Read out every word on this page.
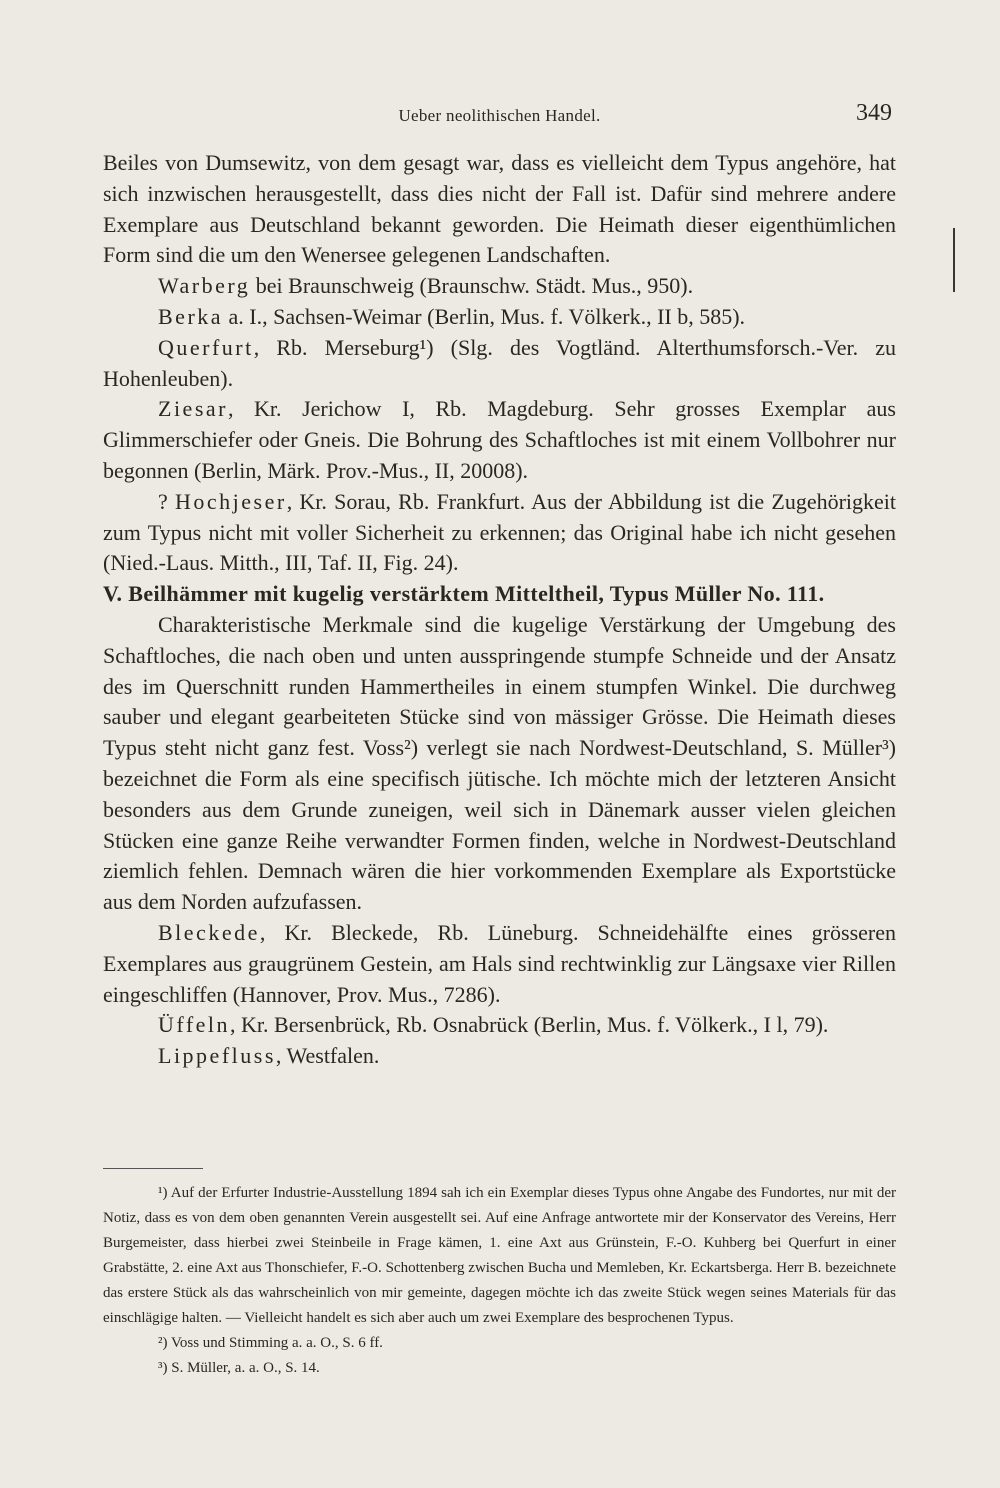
Ueber neolithischen Handel.	349

Beiles von Dumsewitz, von dem gesagt war, dass es vielleicht dem Typus angehöre, hat sich inzwischen herausgestellt, dass dies nicht der Fall ist. Dafür sind mehrere andere Exemplare aus Deutschland bekannt geworden. Die Heimath dieser eigenthümlichen Form sind die um den Wenersee gelegenen Landschaften.

Warberg bei Braunschweig (Braunschw. Städt. Mus., 950).

Berka a. I., Sachsen-Weimar (Berlin, Mus. f. Völkerk., II b, 585).

Querfurt, Rb. Merseburg¹) (Slg. des Vogtländ. Alterthumsforsch.-Ver. zu Hohenleuben).

Ziesar, Kr. Jerichow I, Rb. Magdeburg. Sehr grosses Exemplar aus Glimmerschiefer oder Gneis. Die Bohrung des Schaftloches ist mit einem Vollbohrer nur begonnen (Berlin, Märk. Prov.-Mus., II, 20008).

? Hochjeser, Kr. Sorau, Rb. Frankfurt. Aus der Abbildung ist die Zugehörigkeit zum Typus nicht mit voller Sicherheit zu erkennen; das Original habe ich nicht gesehen (Nied.-Laus. Mitth., III, Taf. II, Fig. 24).

V. Beilhämmer mit kugelig verstärktem Mitteltheil, Typus Müller No. 111.

Charakteristische Merkmale sind die kugelige Verstärkung der Umgebung des Schaftloches, die nach oben und unten ausspringende stumpfe Schneide und der Ansatz des im Querschnitt runden Hammertheiles in einem stumpfen Winkel. Die durchweg sauber und elegant gearbeiteten Stücke sind von mässiger Grösse. Die Heimath dieses Typus steht nicht ganz fest. Voss²) verlegt sie nach Nordwest-Deutschland, S. Müller³) bezeichnet die Form als eine specifisch jütische. Ich möchte mich der letzteren Ansicht besonders aus dem Grunde zuneigen, weil sich in Dänemark ausser vielen gleichen Stücken eine ganze Reihe verwandter Formen finden, welche in Nordwest-Deutschland ziemlich fehlen. Demnach wären die hier vorkommenden Exemplare als Exportstücke aus dem Norden aufzufassen.

Bleckede, Kr. Bleckede, Rb. Lüneburg. Schneidehälfte eines grösseren Exemplares aus graugrünem Gestein, am Hals sind rechtwinklig zur Längsaxe vier Rillen eingeschliffen (Hannover, Prov. Mus., 7286).

Üffeln, Kr. Bersenbrück, Rb. Osnabrück (Berlin, Mus. f. Völkerk., I l, 79).

Lippefluss, Westfalen.

¹) Auf der Erfurter Industrie-Ausstellung 1894 sah ich ein Exemplar dieses Typus ohne Angabe des Fundortes, nur mit der Notiz, dass es von dem oben genannten Verein ausgestellt sei. Auf eine Anfrage antwortete mir der Konservator des Vereins, Herr Burgemeister, dass hierbei zwei Steinbeile in Frage kämen, 1. eine Axt aus Grünstein, F.-O. Kuhberg bei Querfurt in einer Grabstätte, 2. eine Axt aus Thonschiefer, F.-O. Schottenberg zwischen Bucha und Memleben, Kr. Eckartsberga. Herr B. bezeichnete das erstere Stück als das wahrscheinlich von mir gemeinte, dagegen möchte ich das zweite Stück wegen seines Materials für das einschlägige halten. — Vielleicht handelt es sich aber auch um zwei Exemplare des besprochenen Typus.

²) Voss und Stimming a. a. O., S. 6 ff.

³) S. Müller, a. a. O., S. 14.
